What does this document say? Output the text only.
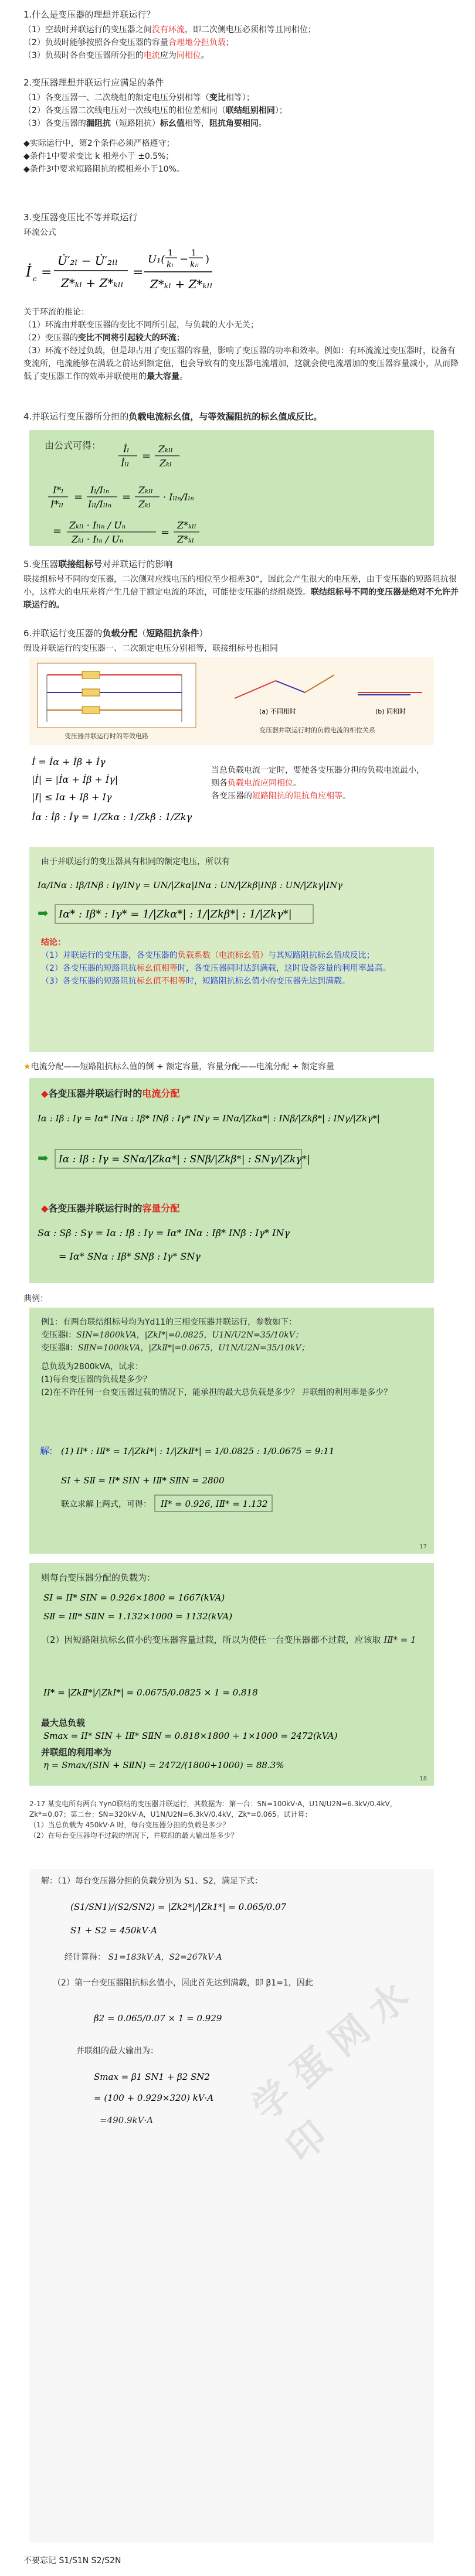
1.什么是变压器的理想并联运行？

（1）空载时并联运行的变压器之间没有环流，即二次侧电压必须相等且同相位；

（2）负载时能够按照各台变压器的容量合理地分担负载；

（3）负载时各台变压器所分担的电流应为同相位。

2.变压器理想并联运行应满足的条件

（1）各变压器一、二次绕组的额定电压分别相等（变比相等）；

（2）各变压器二次线电压对一次线电压的相位差相同（联结组别相同）；

（3）各变压器的漏阻抗（短路阻抗）标幺值相等，阻抗角要相同。

◆实际运行中，第2个条件必须严格遵守；

◆条件1中要求变比 k 相差小于 ±0.5%；

◆条件3中要求短路阻抗的模相差小于10%。

3.变压器变压比不等并联运行

环流公式

İ c =
U̇′₂ₗ − U̇′₂ₗₗ
Z*ₖₗ + Z*ₖₗₗ
=
U₁( 1
kₗ − 1
kₗₗ )
Z*ₖₗ + Z*ₖₗₗ

关于环流的推论：

（1）环流由并联变压器的变比不同所引起，与负载的大小无关；

（2）变压器的变比不同将引起较大的环流；

（3）环流不经过负载，但是却占用了变压器的容量，影响了变压器的功率和效率。例如：有环流流过变压器时，设备有变流所，电流能够在满载之前达到额定值，也会导致有的变压器电流增加，这就会使电流增加的变压器容量减小，从而降低了变压器工作的效率并联使用的最大容量。

4.并联运行变压器所分担的负载电流标幺值，与等效漏阻抗的标幺值成反比。

由公式可得： İₗ
İₗₗ
=
Zₖₗₗ
Zₖₗ
I*ₗ
I*ₗₗ
=
Iₗ/Iₗₙ
Iₗₗ/Iₗₗₙ
=
Zₖₗₗ
Zₖₗ
· Iₗₗₙ/Iₗₙ
= Zₖₗₗ · Iₗₗₙ / Uₙ
Zₖₗ · Iₗₙ / Uₙ
=
Z*ₖₗₗ
Z*ₖₗ

5.变压器联接组标号对并联运行的影响

联接组标号不同的变压器，二次侧对应线电压的相位至少相差30°，因此会产生很大的电压差，由于变压器的短路阻抗很小，这样大的电压差将产生几倍于额定电流的环流，可能使变压器的绕组烧毁。联结组标号不同的变压器是绝对不允许并联运行的。

6.并联运行变压器的负载分配（短路阻抗条件）

假设并联运行的变压器一、二次额定电压分别相等，联接组标号也相同

变压器并联运行时的等效电路
(a) 不同相时	(b) 同相时
变压器并联运行时的负载电流的相位关系
İ = İα + İβ + İγ
|İ| = |İα + İβ + İγ|
|I| ≤ Iα + Iβ + Iγ
İα : İβ : İγ = 1/Zkα : 1/Zkβ : 1/Zkγ

当总负载电流一定时，要使各变压器分担的负载电流最小，则各负载电流应同相位。

各变压器的短路阻抗的阻抗角应相等。

由于并联运行的变压器具有相同的额定电压，所以有
Iα/INα : Iβ/INβ : Iγ/INγ = UN/|Zkα|INα : UN/|Zkβ|INβ : UN/|Zkγ|INγ
➡ Iα* : Iβ* : Iγ* = 1/|Zkα*| : 1/|Zkβ*| : 1/|Zkγ*|

结论：

（1）并联运行的变压器，各变压器的负载系数（电流标幺值）与其短路阻抗标幺值成反比；

（2）各变压器的短路阻抗标幺值相等时，各变压器同时达到满载，这时设备容量的利用率最高。

（3）各变压器的短路阻抗标幺值不相等时，短路阻抗标幺值小的变压器先达到满载。

★电流分配——短路阻抗标么值的倒 + 额定容量，容量分配——电流分配 + 额定容量

◆各变压器并联运行时的电流分配
Iα : Iβ : Iγ = Iα* INα : Iβ* INβ : Iγ* INγ = INα/|Zkα*| : INβ/|Zkβ*| : INγ/|Zkγ*|
➡ Iα : Iβ : Iγ = SNα/|Zkα*| : SNβ/|Zkβ*| : SNγ/|Zkγ*|
◆各变压器并联运行时的容量分配
Sα : Sβ : Sγ = Iα : Iβ : Iγ = Iα* INα : Iβ* INβ : Iγ* INγ
= Iα* SNα : Iβ* SNβ : Iγ* SNγ

典例：

例1：有两台联结组标号均为Yd11的三相变压器并联运行，参数如下：

变压器Ⅰ：SⅠN=1800kVA，|ZkⅠ*|=0.0825，U1N/U2N=35/10kV；

变压器Ⅱ：SⅡN=1000kVA，|ZkⅡ*|=0.0675，U1N/U2N=35/10kV；

总负载为2800kVA，试求：

(1)每台变压器的负载是多少？

(2)在不许任何一台变压器过载的情况下，能承担的最大总负载是多少？ 并联组的利用率是多少？

解: (1) IⅠ* : IⅡ* = 1/|ZkⅠ*| : 1/|ZkⅡ*| = 1/0.0825 : 1/0.0675 = 9:11
SⅠ + SⅡ = IⅠ* SⅠN + IⅡ* SⅡN = 2800
联立求解上两式，可得： IⅠ* = 0.926, IⅡ* = 1.132
17
则每台变压器分配的负载为：
SⅠ = IⅠ* SⅠN = 0.926×1800 = 1667(kVA)
SⅡ = IⅡ* SⅡN = 1.132×1000 = 1132(kVA)
IⅠ* = |ZkⅡ*|/|ZkⅠ*| = 0.0675/0.0825 × 1 = 0.818
Smax = IⅠ* SⅠN + IⅡ* SⅡN = 0.818×1800 + 1×1000 = 2472(kVA)
η = Smax/(SⅠN + SⅡN) = 2472/(1800+1000) = 88.3%
（2）因短路阻抗标幺值小的变压器容量过载，所以为使任一台变压器都不过载，应该取 IⅡ* = 1
最大总负载
并联组的利用率为
18
2-17 某变电所有两台 Yyn0联结的变压器并联运行，其数据为：第一台：SN=100kV·A，U1N/U2N=6.3kV/0.4kV，Zk*=0.07；第二台：SN=320kV·A，U1N/U2N=6.3kV/0.4kV，Zk*=0.065。试计算：
（1）当总负载为 450kV·A 时，每台变压器分担的负载是多少？
（2）在每台变压器均不过载的情况下，并联组的最大输出是多少？
解：（1）每台变压器分担的负载分别为 S1、S2，满足下式：
(S1/SN1)/(S2/SN2) = |Zk2*|/|Zk1*| = 0.065/0.07
S1 + S2 = 450kV·A
经计算得： S1=183kV·A，S2=267kV·A
（2）第一台变压器阻抗标幺值小，因此首先达到满载，即 β1=1，因此
β2 = 0.065/0.07 × 1 = 0.929
并联组的最大输出为：
Smax = β1 SN1 + β2 SN2
= (100 + 0.929×320) kV·A
=490.9kV·A

不要忘记 S1/S1N S2/S2N

学 蛋 网 水 印
